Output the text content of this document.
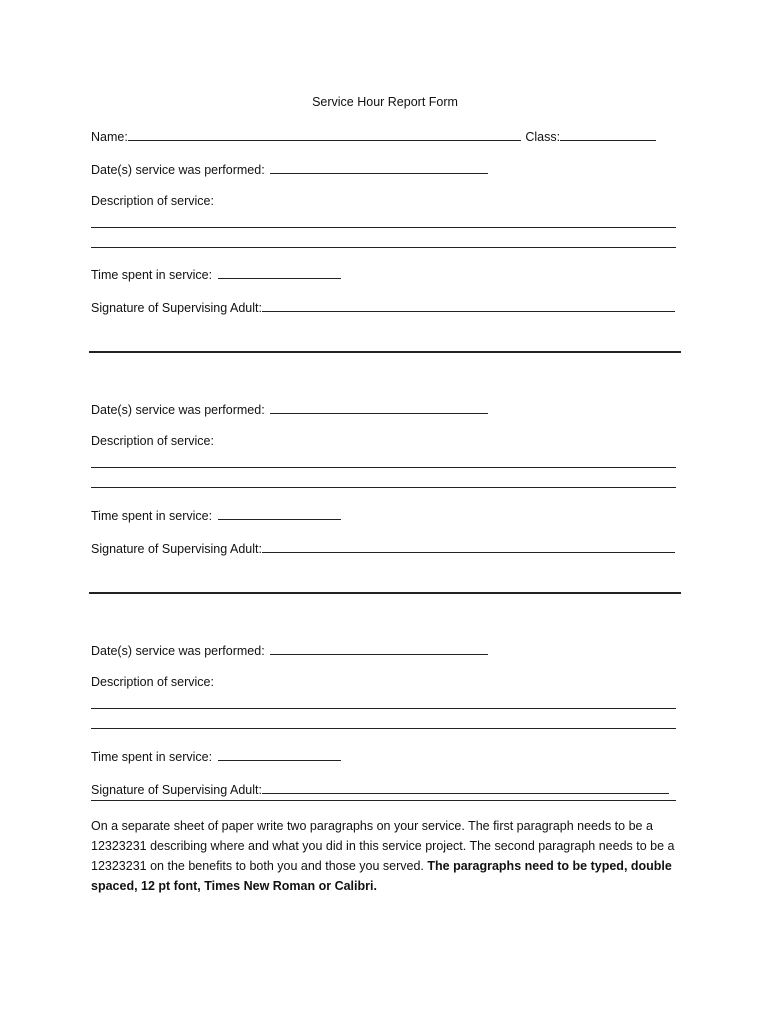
Service Hour Report Form
Name:	Class:
Date(s) service was performed:
Description of service:
Time spent in service:
Signature of Supervising Adult:
Date(s) service was performed:
Description of service:
Time spent in service:
Signature of Supervising Adult:
Date(s) service was performed:
Description of service:
Time spent in service:
Signature of Supervising Adult:
On a separate sheet of paper write two paragraphs on your service. The first paragraph needs to be a 12323231 describing where and what you did in this service project. The second paragraph needs to be a 12323231 on the benefits to both you and those you served. The paragraphs need to be typed, double spaced, 12 pt font, Times New Roman or Calibri.
